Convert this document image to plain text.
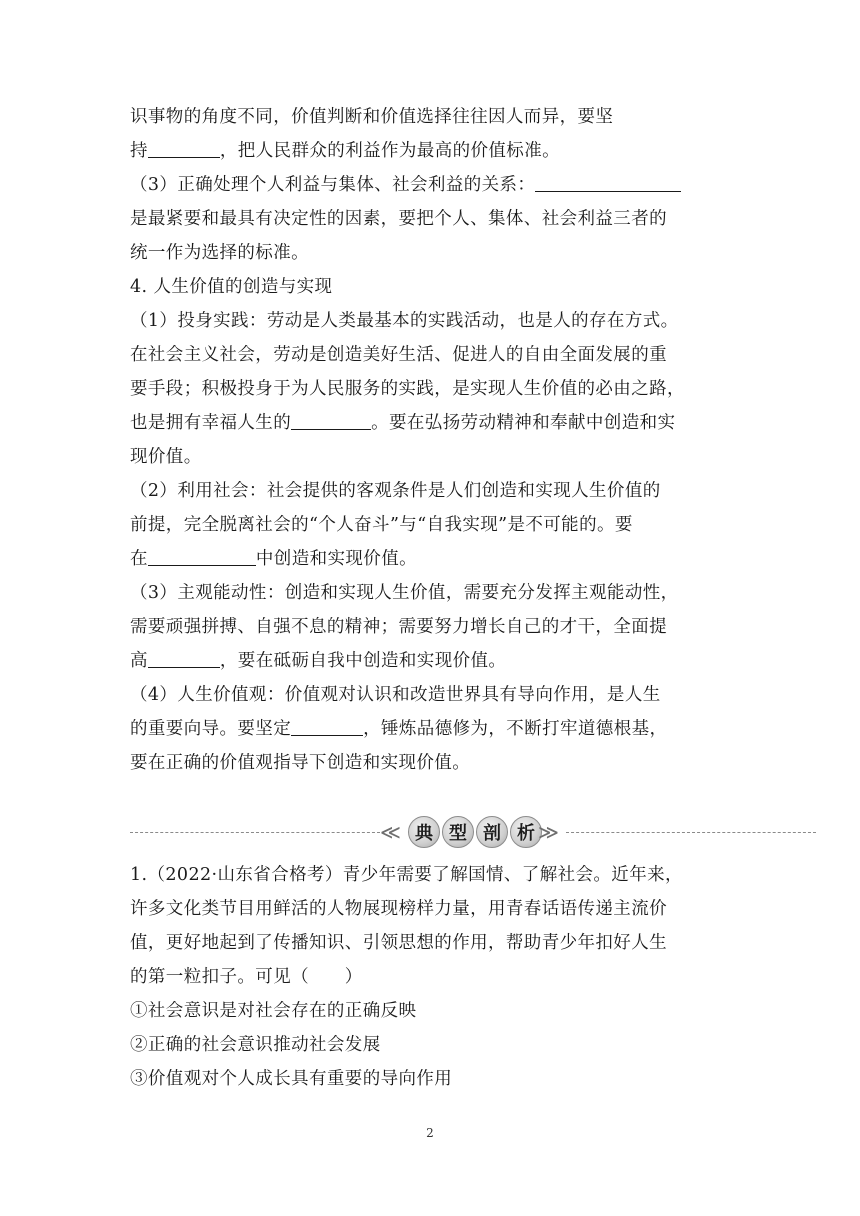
识事物的角度不同，价值判断和价值选择往往因人而异，要坚
持	，把人民群众的利益作为最高的价值标准。
（3）正确处理个人利益与集体、社会利益的关系：
是最紧要和最具有决定性的因素，要把个人、集体、社会利益三者的
统一作为选择的标准。
4. 人生价值的创造与实现
（1）投身实践：劳动是人类最基本的实践活动，也是人的存在方式。
在社会主义社会，劳动是创造美好生活、促进人的自由全面发展的重
要手段；积极投身于为人民服务的实践，是实现人生价值的必由之路，
也是拥有幸福人生的	。要在弘扬劳动精神和奉献中创造和实
现价值。
（2）利用社会：社会提供的客观条件是人们创造和实现人生价值的
前提，完全脱离社会的“个人奋斗”与“自我实现”是不可能的。要
在	中创造和实现价值。
（3）主观能动性：创造和实现人生价值，需要充分发挥主观能动性，
需要顽强拼搏、自强不息的精神；需要努力增长自己的才干，全面提
高	，要在砥砺自我中创造和实现价值。
（4）人生价值观：价值观对认识和改造世界具有导向作用，是人生
的重要向导。要坚定	，锤炼品德修为，不断打牢道德根基，
要在正确的价值观指导下创造和实现价值。
≪ 典 型 剖 析 ≫
1.（2022·山东省合格考）青少年需要了解国情、了解社会。近年来，
许多文化类节目用鲜活的人物展现榜样力量，用青春话语传递主流价
值，更好地起到了传播知识、引领思想的作用，帮助青少年扣好人生
的第一粒扣子。可见（　　）
①社会意识是对社会存在的正确反映
②正确的社会意识推动社会发展
③价值观对个人成长具有重要的导向作用
2
